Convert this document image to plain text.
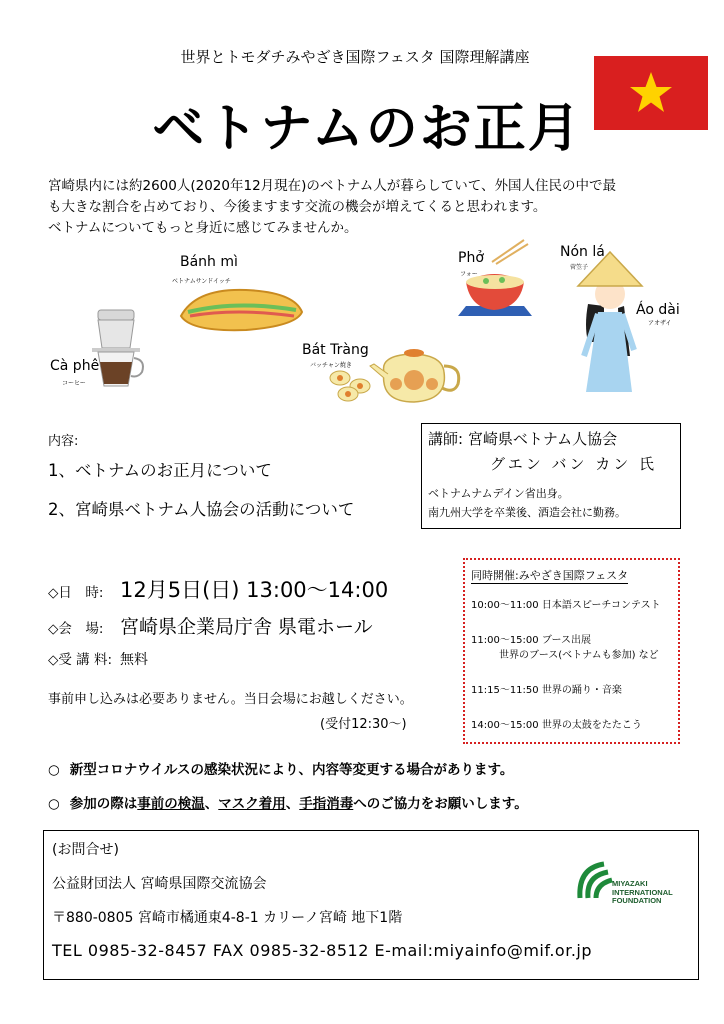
世界とトモダチみやざき国際フェスタ 国際理解講座
ベトナムのお正月
宮崎県内には約2600人(2020年12月現在)のベトナム人が暮らしていて、外国人住民の中で最
も大きな割合を占めており、今後ますます交流の機会が増えてくると思われます。
ベトナムについてもっと身近に感じてみませんか。
Bánh mì
ベトナムサンドイッチ
Phở
フォー
Nón lá
菅笠子
Áo dài
アオザイ
Bát Tràng
バッチャン焼き
Cà phê
コーヒー
内容:
1、ベトナムのお正月について
2、宮崎県ベトナム人協会の活動について
講師: 宮崎県ベトナム人協会
グエン バン カン 氏
ベトナムナムデイン省出身。
南九州大学を卒業後、酒造会社に勤務。
◇日　時: 12月5日(日) 13:00～14:00
◇会　場: 宮崎県企業局庁舎 県電ホール
◇受 講 料: 無料
事前申し込みは必要ありません。当日会場にお越しください。
(受付12:30～)
同時開催:みやざき国際フェスタ
10:00～11:00 日本語スピーチコンテスト
11:00～15:00 ブース出展
世界のブース(ベトナムも参加) など
11:15～11:50 世界の踊り・音楽
14:00～15:00 世界の太鼓をたたこう
○ 新型コロナウイルスの感染状況により、内容等変更する場合があります。
○ 参加の際は事前の検温、マスク着用、手指消毒へのご協力をお願いします。
(お問合せ)
公益財団法人 宮崎県国際交流協会
〒880-0805 宮崎市橘通東4-8-1 カリーノ宮崎 地下1階
TEL 0985-32-8457 FAX 0985-32-8512 E-mail:miyainfo@mif.or.jp
MIYAZAKI
INTERNATIONAL
FOUNDATION
